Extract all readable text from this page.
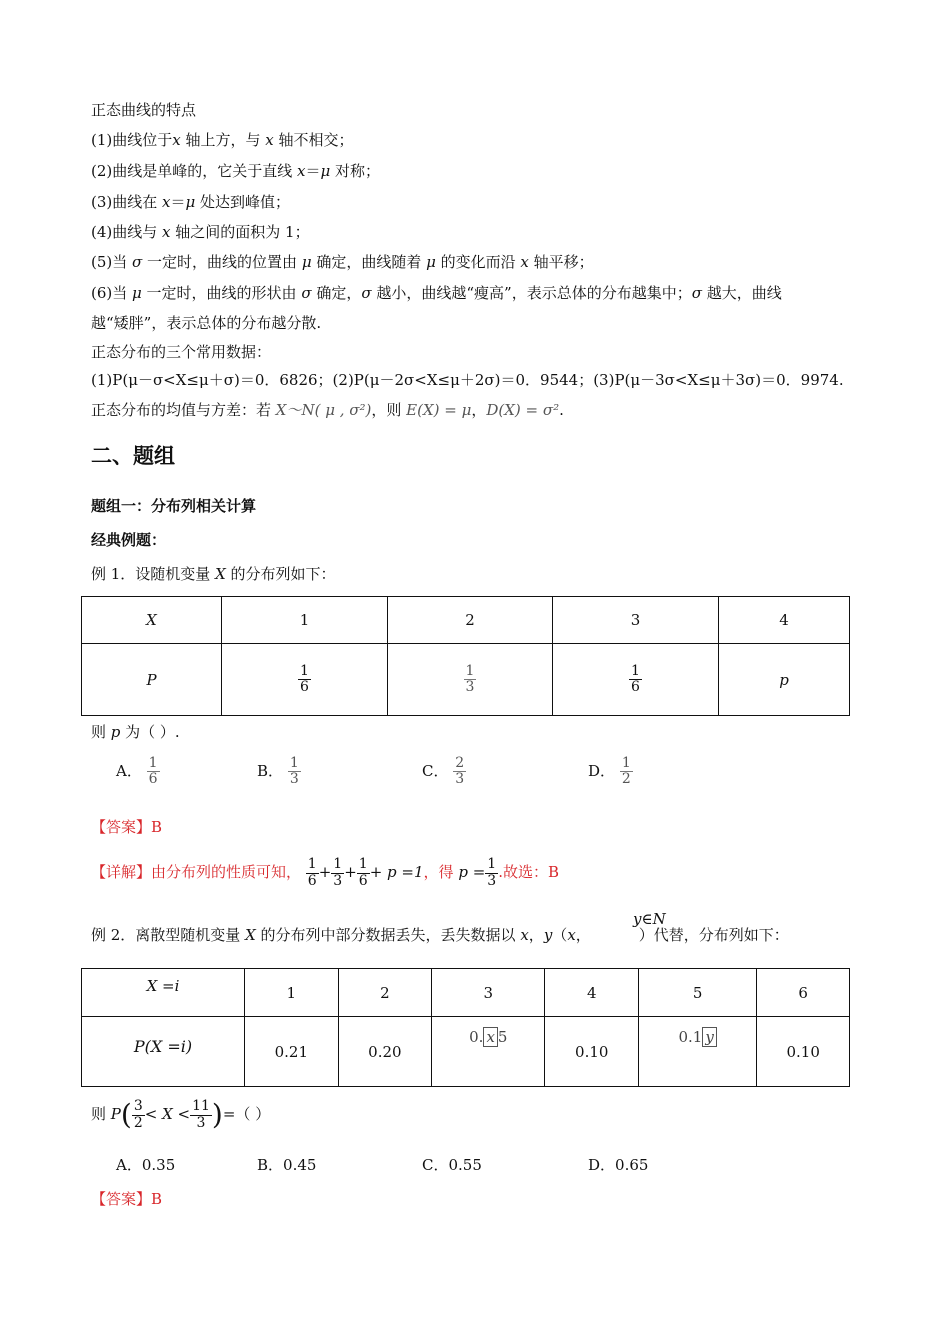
正态曲线的特点
(1)曲线位于x 轴上方，与 x 轴不相交；
(2)曲线是单峰的，它关于直线 x＝μ 对称；
(3)曲线在 x＝μ 处达到峰值；
(4)曲线与 x 轴之间的面积为 1；
(5)当 σ 一定时，曲线的位置由 μ 确定，曲线随着 μ 的变化而沿 x 轴平移；
(6)当 μ 一定时，曲线的形状由 σ 确定，σ 越小，曲线越“瘦高”，表示总体的分布越集中；σ 越大，曲线
越“矮胖”，表示总体的分布越分散.
正态分布的三个常用数据：
(1)P(μ－σ<X≤μ＋σ)＝0．6826；(2)P(μ－2σ<X≤μ＋2σ)＝0．9544；(3)P(μ－3σ<X≤μ＋3σ)＝0．9974.
正态分布的均值与方差：若 X～N( μ , σ²)，则 E(X) = μ，D(X) = σ².
二、题组
题组一：分布列相关计算
经典例题：
例 1．设随机变量 X 的分布列如下：
X	1	2	3	4
P	$\frac{1}{6}$	$\frac{1}{3}$	$\frac{1}{6}$	p
则 p 为（ ）.
A． $\frac{1}{6}$	B． $\frac{1}{3}$	C． $\frac{2}{3}$	D． $\frac{1}{2}$
【答案】B
【详解】由分布列的性质可知， $\frac{1}{6} + \frac{1}{3} + \frac{1}{6} + p =1$，得 $p = \frac{1}{3}$ .故选：B
y∈N
例 2．离散型随机变量 X 的分布列中部分数据丢失，丢失数据以 x，y（x，	）代替，分布列如下：
X =i	1	2	3	4	5	6
P(X =i)	0.21	0.20	0. x 5	0.10	0.1 y	0.10
则 $P( \frac{3}{2} < X < \frac{11}{3}$ )=（ ）
A．0.35	B．0.45	C．0.55	D．0.65
【答案】B
